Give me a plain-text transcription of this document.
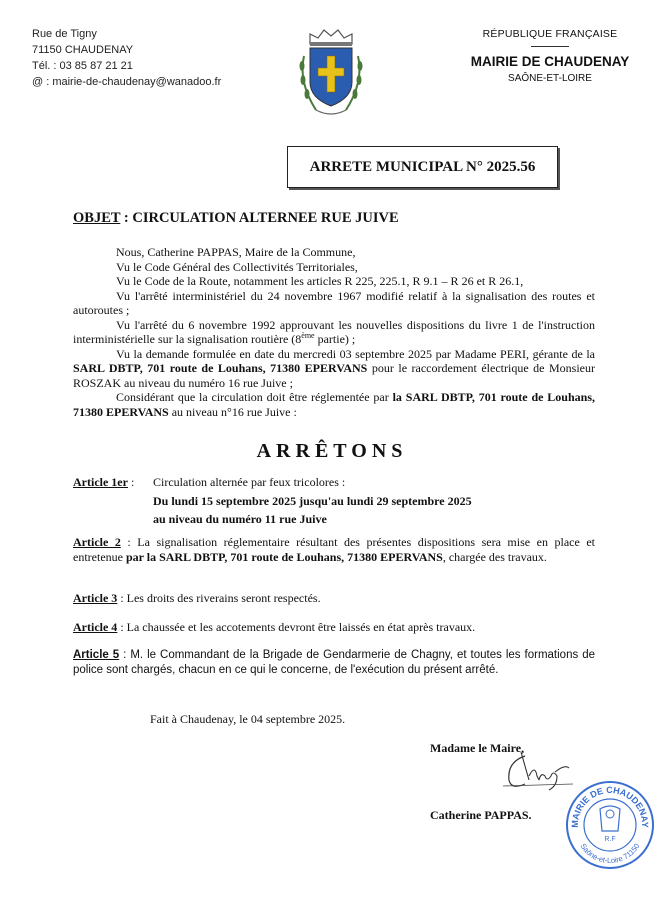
Rue de Tigny
71150 CHAUDENAY
Tél. : 03 85 87 21 21
@ : mairie-de-chaudenay@wanadoo.fr
RÉPUBLIQUE FRANÇAISE
MAIRIE DE CHAUDENAY
SAÔNE-ET-LOIRE
ARRETE MUNICIPAL N° 2025.56
OBJET : CIRCULATION ALTERNEE RUE JUIVE

Nous, Catherine PAPPAS, Maire de la Commune,

Vu le Code Général des Collectivités Territoriales,

Vu le Code de la Route, notamment les articles R 225, 225.1, R 9.1 – R 26 et R 26.1,

Vu l'arrêté interministériel du 24 novembre 1967 modifié relatif à la signalisation des routes et autoroutes ;

Vu l'arrêté du 6 novembre 1992 approuvant les nouvelles dispositions du livre 1 de l'instruction interministérielle sur la signalisation routière (8ème partie) ;

Vu la demande formulée en date du mercredi 03 septembre 2025 par Madame PERI, gérante de la SARL DBTP, 701 route de Louhans, 71380 EPERVANS pour le raccordement électrique de Monsieur ROSZAK au niveau du numéro 16 rue Juive ;

Considérant que la circulation doit être réglementée par la SARL DBTP, 701 route de Louhans, 71380 EPERVANS au niveau n°16 rue Juive :

ARRÊTONS
Article 1er : Circulation alternée par feux tricolores :
Du lundi 15 septembre 2025 jusqu'au lundi 29 septembre 2025
au niveau du numéro 11 rue Juive
Article 2 : La signalisation réglementaire résultant des présentes dispositions sera mise en place et entretenue par la SARL DBTP, 701 route de Louhans, 71380 EPERVANS, chargée des travaux.
Article 3 : Les droits des riverains seront respectés.
Article 4 : La chaussée et les accotements devront être laissés en état après travaux.
Article 5 : M. le Commandant de la Brigade de Gendarmerie de Chagny, et toutes les formations de police sont chargés, chacun en ce qui le concerne, de l'exécution du présent arrêté.
Fait à Chaudenay, le 04 septembre 2025.
Madame le Maire,
Catherine PAPPAS.
MAIRIE DE CHAUDENAY
Saône-et-Loire 71150
R.F
